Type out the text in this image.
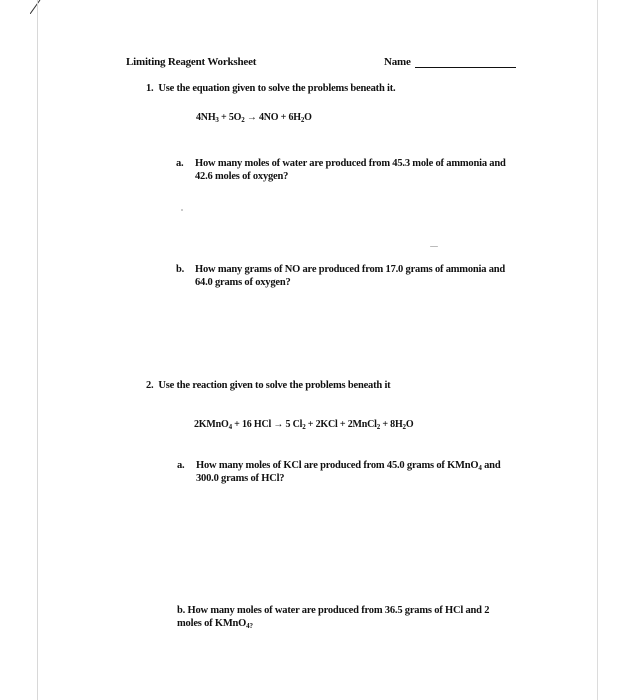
Limiting Reagent Worksheet	Name
1. Use the equation given to solve the problems beneath it.
$4NH_3 + 5O_2 \to 4NO + 6H_2O$
a. How many moles of water are produced from 45.3 mole of ammonia and
42.6 moles of oxygen?
b. How many grams of NO are produced from 17.0 grams of ammonia and
64.0 grams of oxygen?
2. Use the reaction given to solve the problems beneath it
2KMnO$_4$ + 16 HCl → 5 $Cl_2 + 2KCl$ + 2MnCl$_2$ + $8H_2O$
a. How many moles of KCl are produced from 45.0 grams of KMnO$_4$ and
300.0 grams of HCl?
b. How many moles of water are produced from 36.5 grams of HCl and 2
moles of KMnO$_{4?}$
